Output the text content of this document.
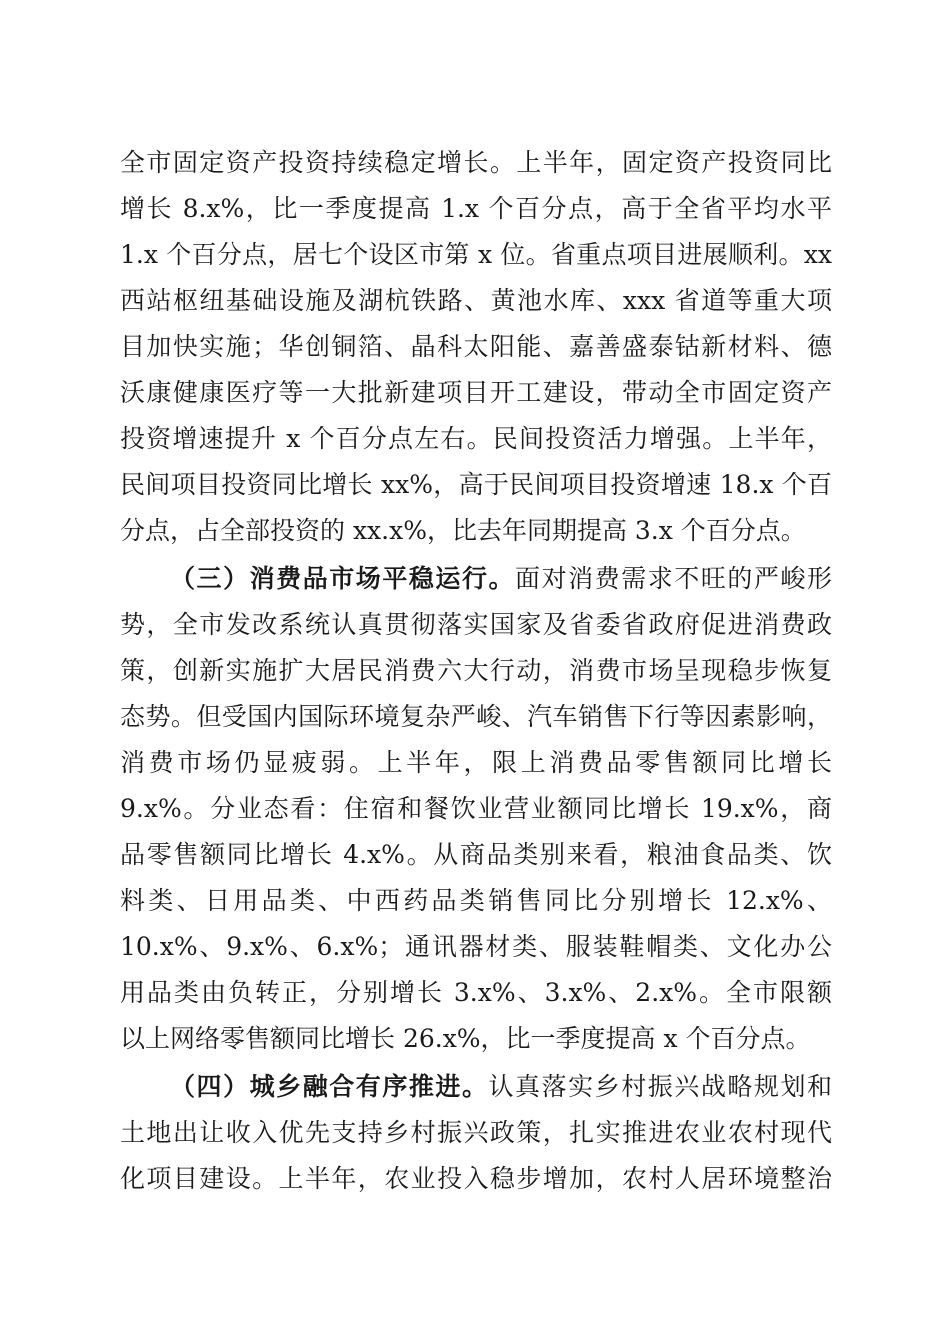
全市固定资产投资持续稳定增长。上半年，固定资产投资同比
增长 8.x%，比一季度提高 1.x 个百分点，高于全省平均水平
1.x 个百分点，居七个设区市第 x 位。省重点项目进展顺利。xx
西站枢纽基础设施及湖杭铁路、黄池水库、xxx 省道等重大项
目加快实施；华创铜箔、晶科太阳能、嘉善盛泰钴新材料、德
沃康健康医疗等一大批新建项目开工建设，带动全市固定资产
投资增速提升 x 个百分点左右。民间投资活力增强。上半年，
民间项目投资同比增长 xx%，高于民间项目投资增速 18.x 个百
分点，占全部投资的 xx.x%，比去年同期提高 3.x 个百分点。
（三）消费品市场平稳运行。面对消费需求不旺的严峻形
势，全市发改系统认真贯彻落实国家及省委省政府促进消费政
策，创新实施扩大居民消费六大行动，消费市场呈现稳步恢复
态势。但受国内国际环境复杂严峻、汽车销售下行等因素影响，
消费市场仍显疲弱。上半年，限上消费品零售额同比增长
9.x%。分业态看：住宿和餐饮业营业额同比增长 19.x%，商
品零售额同比增长 4.x%。从商品类别来看，粮油食品类、饮
料类、日用品类、中西药品类销售同比分别增长 12.x%、
10.x%、9.x%、6.x%；通讯器材类、服装鞋帽类、文化办公
用品类由负转正，分别增长 3.x%、3.x%、2.x%。全市限额
以上网络零售额同比增长 26.x%，比一季度提高 x 个百分点。
（四）城乡融合有序推进。认真落实乡村振兴战略规划和
土地出让收入优先支持乡村振兴政策，扎实推进农业农村现代
化项目建设。上半年，农业投入稳步增加，农村人居环境整治
